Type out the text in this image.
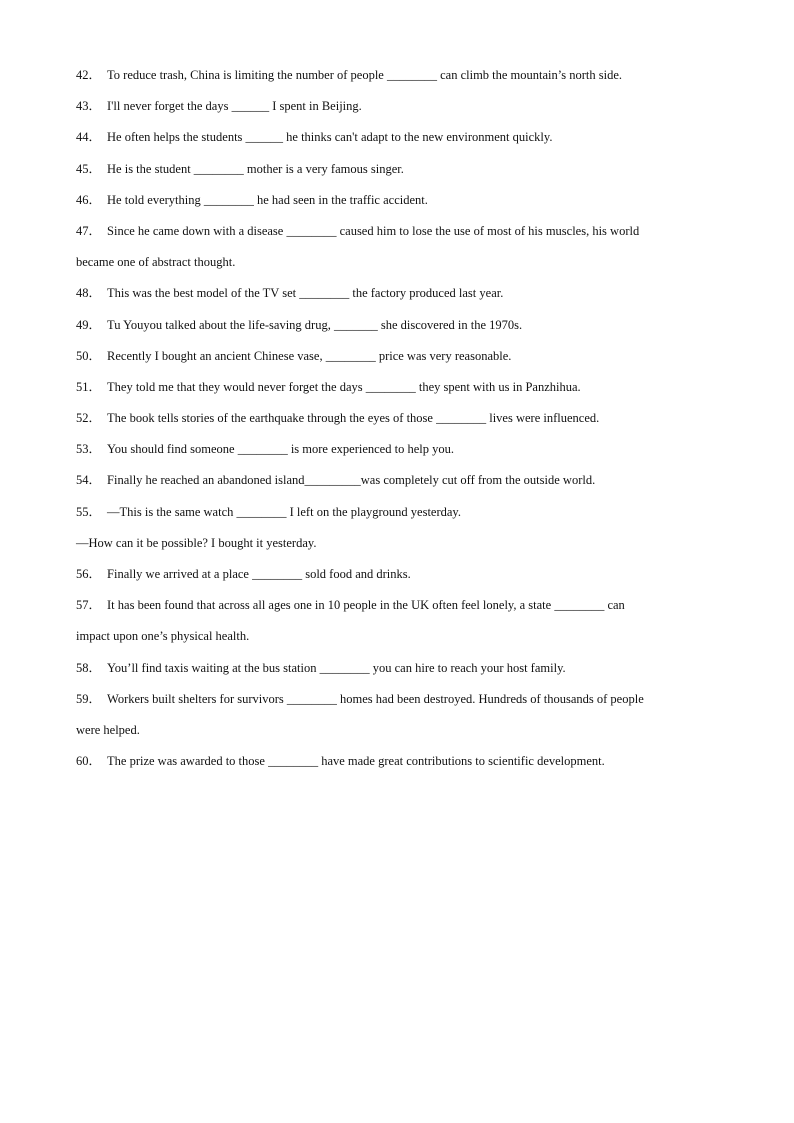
42． To reduce trash, China is limiting the number of people ________ can climb the mountain’s north side.
43． I'll never forget the days ______ I spent in Beijing.
44． He often helps the students ______ he thinks can't adapt to the new environment quickly.
45． He is the student ________ mother is a very famous singer.
46． He told everything ________ he had seen in the traffic accident.
47． Since he came down with a disease ________ caused him to lose the use of most of his muscles, his world
became one of abstract thought.
48． This was the best model of the TV set ________ the factory produced last year.
49． Tu Youyou talked about the life-saving drug, _______ she discovered in the 1970s.
50． Recently I bought an ancient Chinese vase, ________ price was very reasonable.
51． They told me that they would never forget the days ________ they spent with us in Panzhihua.
52． The book tells stories of the earthquake through the eyes of those ________ lives were influenced.
53． You should find someone ________ is more experienced to help you.
54． Finally he reached an abandoned island_________was completely cut off from the outside world.
55． —This is the same watch ________ I left on the playground yesterday.
—How can it be possible? I bought it yesterday.
56． Finally we arrived at a place ________ sold food and drinks.
57． It has been found that across all ages one in 10 people in the UK often feel lonely, a state ________ can
impact upon one’s physical health.
58． You’ll find taxis waiting at the bus station ________ you can hire to reach your host family.
59． Workers built shelters for survivors ________ homes had been destroyed. Hundreds of thousands of people
were helped.
60． The prize was awarded to those ________ have made great contributions to scientific development.
